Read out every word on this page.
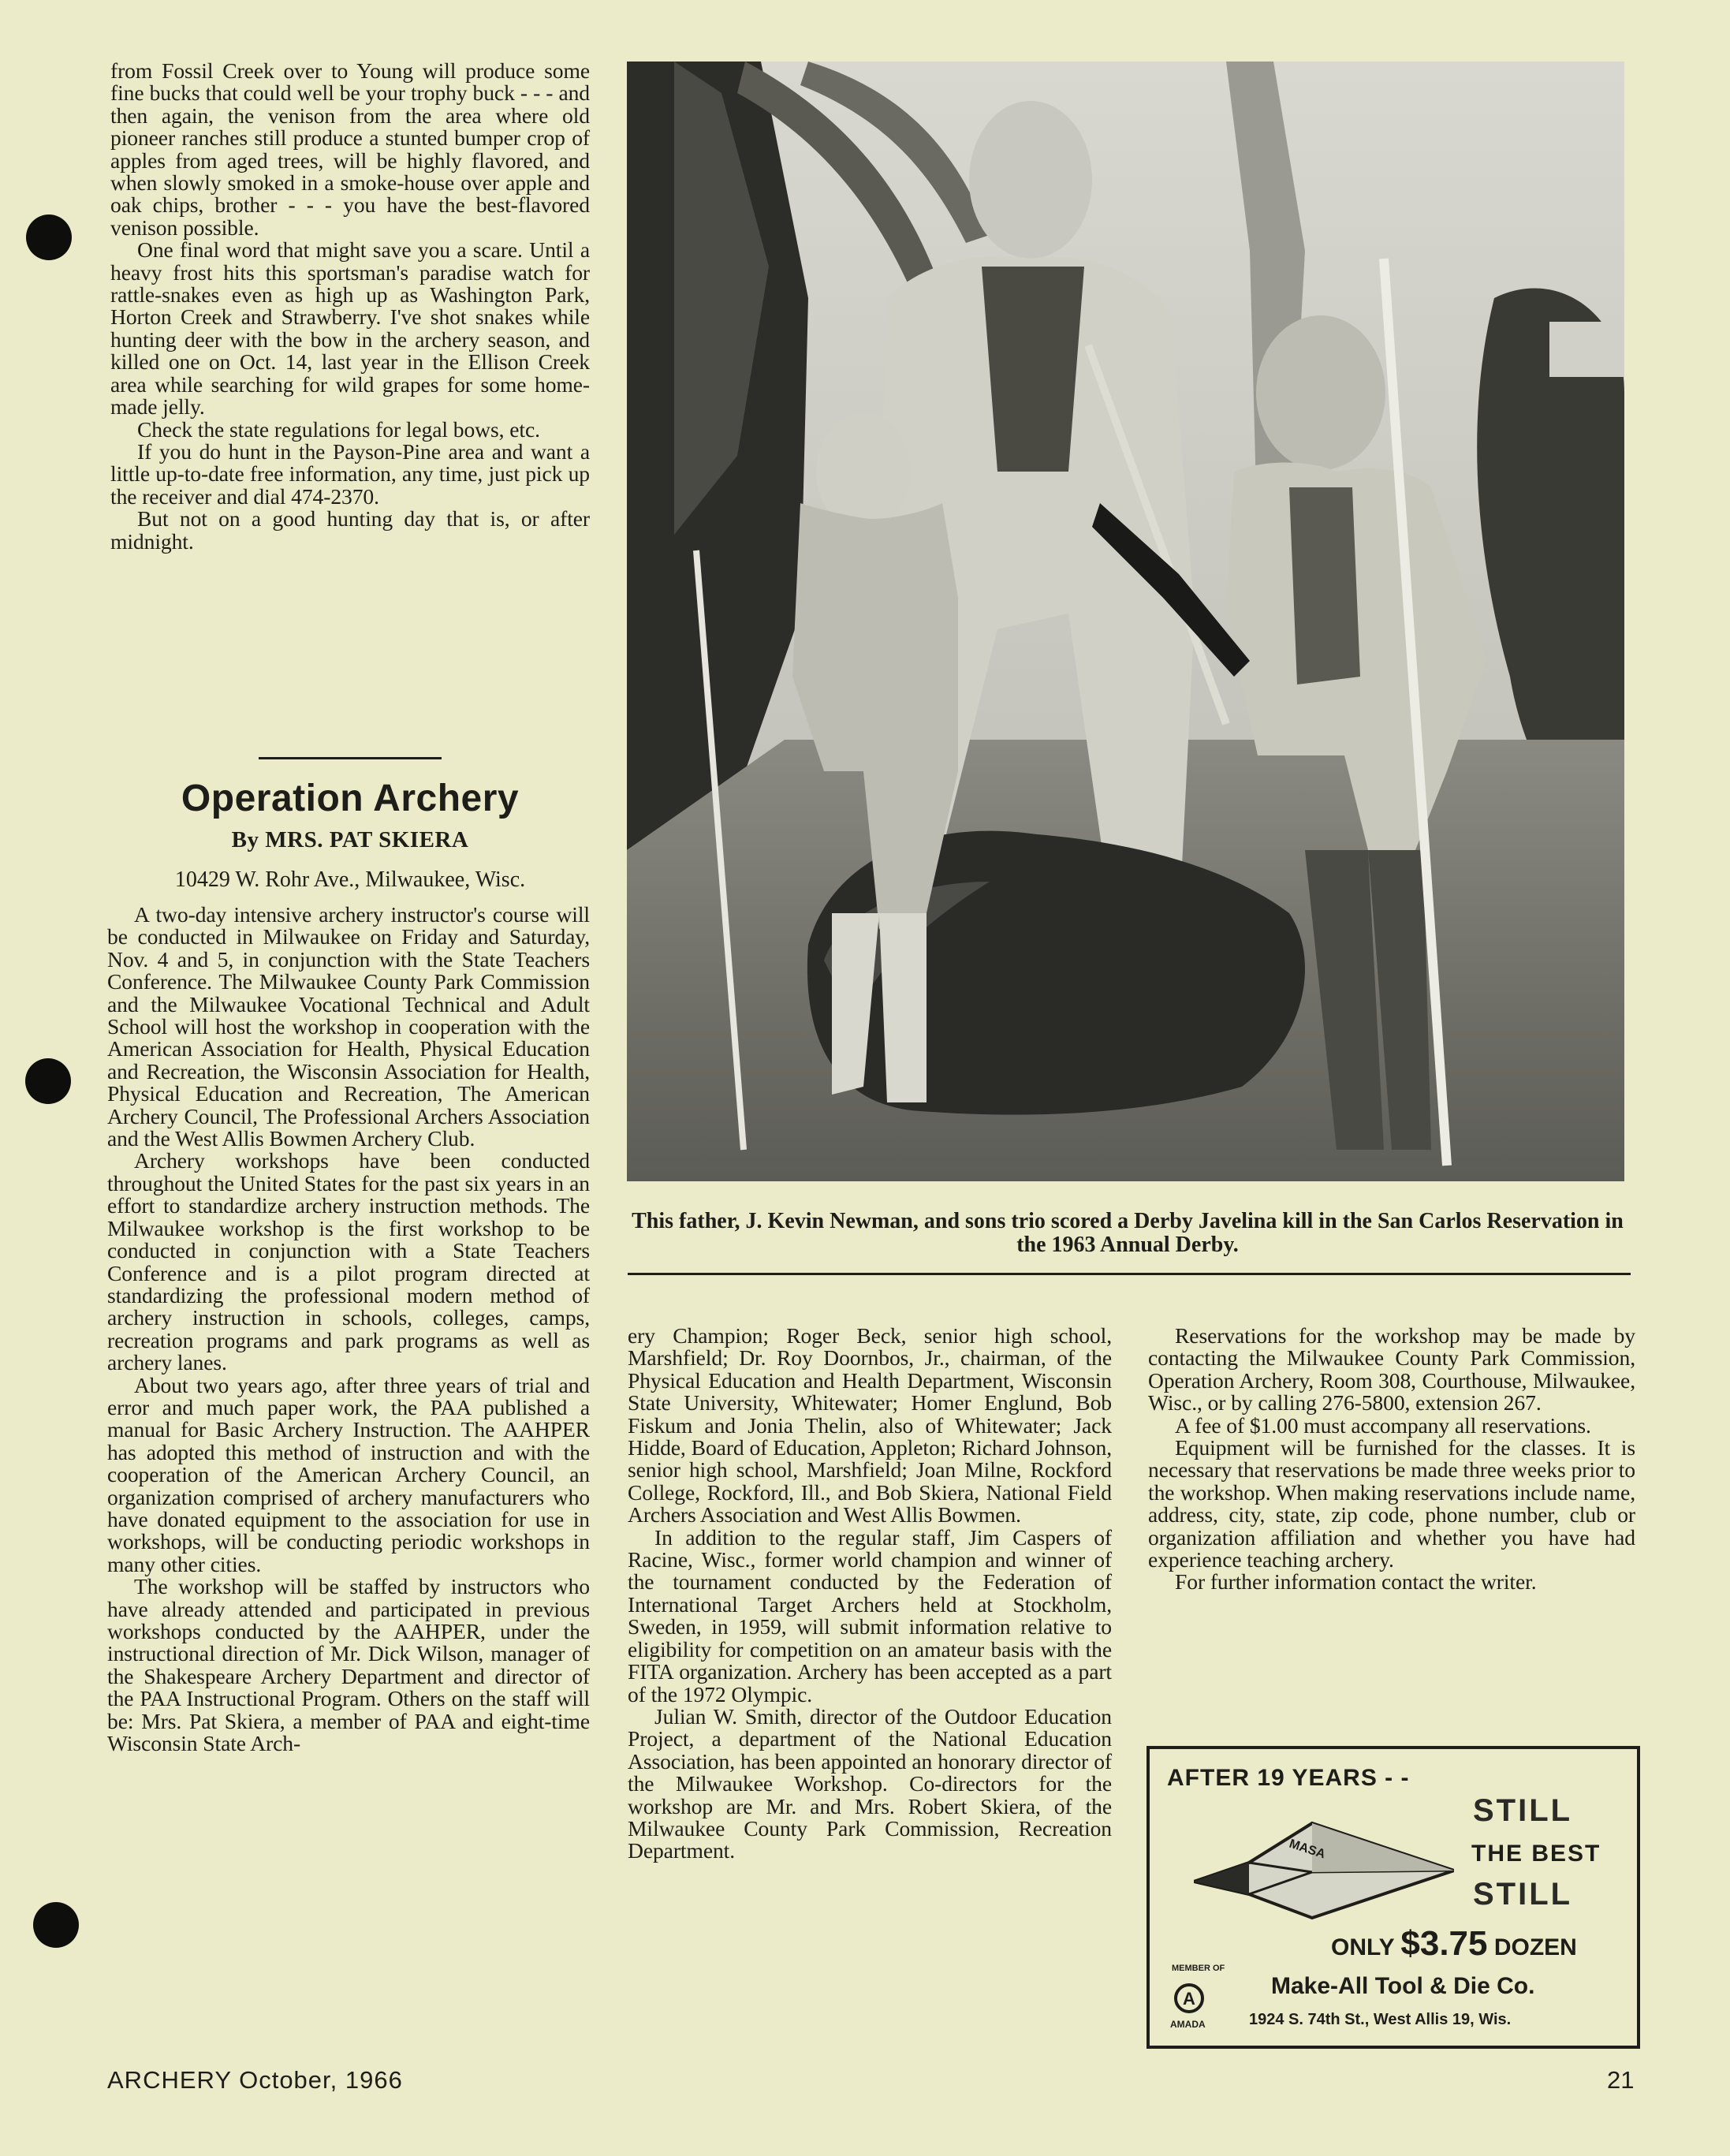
from Fossil Creek over to Young will produce some fine bucks that could well be your trophy buck - - - and then again, the venison from the area where old pioneer ranches still produce a stunted bumper crop of apples from aged trees, will be highly flavored, and when slowly smoked in a smoke-house over apple and oak chips, brother - - - you have the best-flavored venison possible.

One final word that might save you a scare. Until a heavy frost hits this sportsman's paradise watch for rattle-snakes even as high up as Washington Park, Horton Creek and Strawberry. I've shot snakes while hunting deer with the bow in the archery season, and killed one on Oct. 14, last year in the Ellison Creek area while searching for wild grapes for some home-made jelly.

Check the state regulations for legal bows, etc.

If you do hunt in the Payson-Pine area and want a little up-to-date free information, any time, just pick up the receiver and dial 474-2370.

But not on a good hunting day that is, or after midnight.

Operation Archery
By MRS. PAT SKIERA
10429 W. Rohr Ave., Milwaukee, Wisc.

A two-day intensive archery instructor's course will be conducted in Milwaukee on Friday and Saturday, Nov. 4 and 5, in conjunction with the State Teachers Conference. The Milwaukee County Park Commission and the Milwaukee Vocational Technical and Adult School will host the workshop in cooperation with the American Association for Health, Physical Education and Recreation, the Wisconsin Association for Health, Physical Education and Recreation, The American Archery Council, The Professional Archers Association and the West Allis Bowmen Archery Club.

Archery workshops have been conducted throughout the United States for the past six years in an effort to standardize archery instruction methods. The Milwaukee workshop is the first workshop to be conducted in conjunction with a State Teachers Conference and is a pilot program directed at standardizing the professional modern method of archery instruction in schools, colleges, camps, recreation programs and park programs as well as archery lanes.

About two years ago, after three years of trial and error and much paper work, the PAA published a manual for Basic Archery Instruction. The AAHPER has adopted this method of instruction and with the cooperation of the American Archery Council, an organization comprised of archery manufacturers who have donated equipment to the association for use in workshops, will be conducting periodic workshops in many other cities.

The workshop will be staffed by instructors who have already attended and participated in previous workshops conducted by the AAHPER, under the instructional direction of Mr. Dick Wilson, manager of the Shakespeare Archery Department and director of the PAA Instructional Program. Others on the staff will be: Mrs. Pat Skiera, a member of PAA and eight-time Wisconsin State Arch-

This father, J. Kevin Newman, and sons trio scored a Derby Javelina kill in the San Carlos Reservation in the 1963 Annual Derby.

ery Champion; Roger Beck, senior high school, Marshfield; Dr. Roy Doornbos, Jr., chairman, of the Physical Education and Health Department, Wisconsin State University, Whitewater; Homer Englund, Bob Fiskum and Jonia Thelin, also of Whitewater; Jack Hidde, Board of Education, Appleton; Richard Johnson, senior high school, Marshfield; Joan Milne, Rockford College, Rockford, Ill., and Bob Skiera, National Field Archers Association and West Allis Bowmen.

In addition to the regular staff, Jim Caspers of Racine, Wisc., former world champion and winner of the tournament conducted by the Federation of International Target Archers held at Stockholm, Sweden, in 1959, will submit information relative to eligibility for competition on an amateur basis with the FITA organization. Archery has been accepted as a part of the 1972 Olympic.

Julian W. Smith, director of the Outdoor Education Project, a department of the National Education Association, has been appointed an honorary director of the Milwaukee Workshop. Co-directors for the workshop are Mr. and Mrs. Robert Skiera, of the Milwaukee County Park Commission, Recreation Department.

Reservations for the workshop may be made by contacting the Milwaukee County Park Commission, Operation Archery, Room 308, Courthouse, Milwaukee, Wisc., or by calling 276-5800, extension 267.

A fee of $1.00 must accompany all reservations.

Equipment will be furnished for the classes. It is necessary that reservations be made three weeks prior to the workshop. When making reservations include name, address, city, state, zip code, phone number, club or organization affiliation and whether you have had experience teaching archery.

For further information contact the writer.

AFTER 19 YEARS - -
MASA
STILL
THE BEST
STILL
ONLY $3.75 DOZEN
MEMBER OF
A
AMADA
Make-All Tool & Die Co.
1924 S. 74th St., West Allis 19, Wis.
ARCHERY October, 1966	21
